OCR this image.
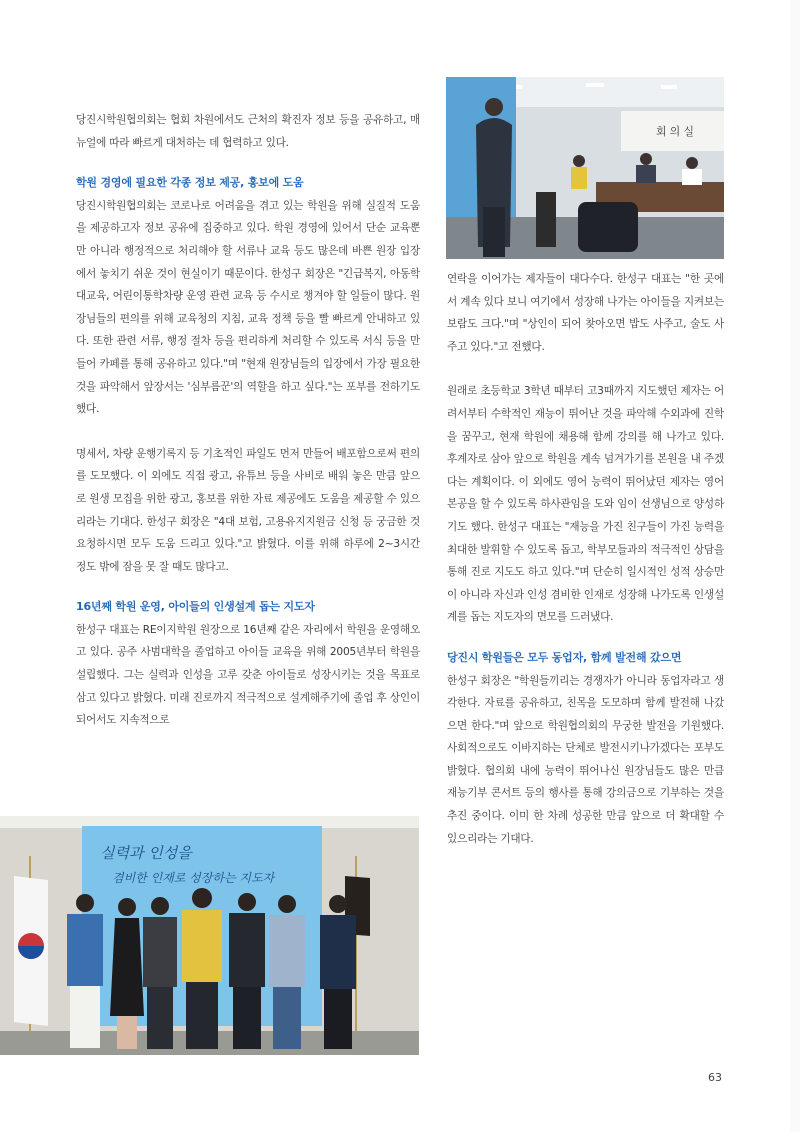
당진시학원협의회는 협회 차원에서도 근처의 확진자 정보 등을 공유하고, 매뉴얼에 따라 빠르게 대처하는 데 협력하고 있다.

학원 경영에 필요한 각종 정보 제공, 홍보에 도움

당진시학원협의회는 코로나로 어려움을 겪고 있는 학원을 위해 실질적 도움을 제공하고자 정보 공유에 집중하고 있다. 학원 경영에 있어서 단순 교육뿐만 아니라 행정적으로 처리해야 할 서류나 교육 등도 많은데 바쁜 원장 입장에서 놓치기 쉬운 것이 현실이기 때문이다. 한성구 회장은 "긴급복지, 아동학대교육, 어린이통학차량 운영 관련 교육 등 수시로 챙겨야 할 일들이 많다. 원장님들의 편의를 위해 교육청의 지침, 교육 정책 등을 빨 빠르게 안내하고 있다. 또한 관련 서류, 행정 절차 등을 편리하게 처리할 수 있도록 서식 등을 만들어 카페를 통해 공유하고 있다."며 "현재 원장님들의 입장에서 가장 필요한 것을 파악해서 앞장서는 '심부름꾼'의 역할을 하고 싶다."는 포부를 전하기도 했다.

명세서, 차량 운행기록지 등 기초적인 파일도 먼저 만들어 배포함으로써 편의를 도모했다. 이 외에도 직접 광고, 유튜브 등을 사비로 배워 놓은 만큼 앞으로 원생 모집을 위한 광고, 홍보를 위한 자료 제공에도 도움을 제공할 수 있으리라는 기대다. 한성구 회장은 "4대 보험, 고용유지지원금 신청 등 궁금한 것 요청하시면 모두 도움 드리고 있다."고 밝혔다. 이를 위해 하루에 2~3시간 정도 밖에 잠을 못 잘 때도 많다고.

16년째 학원 운영, 아이들의 인생설계 돕는 지도자

한성구 대표는 RE이지학원 원장으로 16년째 같은 자리에서 학원을 운영해오고 있다. 공주 사범대학을 졸업하고 아이들 교육을 위해 2005년부터 학원을 설립했다. 그는 실력과 인성을 고루 갖춘 아이들로 성장시키는 것을 목표로 삼고 있다고 밝혔다. 미래 진로까지 적극적으로 설계해주기에 졸업 후 상인이 되어서도 지속적으로

연락을 이어가는 제자들이 대다수다. 한성구 대표는 "한 곳에서 계속 있다 보니 여기에서 성장해 나가는 아이들을 지켜보는 보람도 크다."며 "상인이 되어 찾아오면 밥도 사주고, 술도 사주고 있다."고 전했다.

원래로 초등학교 3학년 때부터 고3때까지 지도했던 제자는 어려서부터 수학적인 재능이 뛰어난 것을 파악해 수외과에 진학을 꿈꾸고, 현재 학원에 채용해 함께 강의를 해 나가고 있다. 후계자로 삼아 앞으로 학원을 계속 넘겨가기를 본원을 내 주겠다는 계획이다. 이 외에도 영어 능력이 뛰어났던 제자는 영어본공을 할 수 있도록 하사관임을 도와 임이 선생님으로 양성하기도 했다. 한성구 대표는 "재능을 가진 친구들이 가진 능력을 최대한 발휘할 수 있도록 돕고, 학부모들과의 적극적인 상담을 통해 진로 지도도 하고 있다."며 단순히 일시적인 성적 상승만이 아니라 자신과 인성 겸비한 인재로 성장해 나가도록 인생설계를 돕는 지도자의 면모를 드러냈다.

당진시 학원들은 모두 동업자, 함께 발전해 갔으면

한성구 회장은 "학원들끼리는 경쟁자가 아니라 동업자라고 생각한다. 자료를 공유하고, 친목을 도모하며 함께 발전해 나갔으면 한다."며 앞으로 학원협의회의 무궁한 발전을 기원했다. 사회적으로도 이바지하는 단체로 발전시키나가겠다는 포부도 밝혔다. 협의회 내에 능력이 뛰어나신 원장님들도 많은 만큼 재능기부 콘서트 등의 행사를 통해 강의금으로 기부하는 것을 추진 중이다. 이미 한 차례 성공한 만큼 앞으로 더 확대할 수 있으리라는 기대다.

회 의 실
실력과 인성을
겸비한 인재로 성장하는 지도자
63
